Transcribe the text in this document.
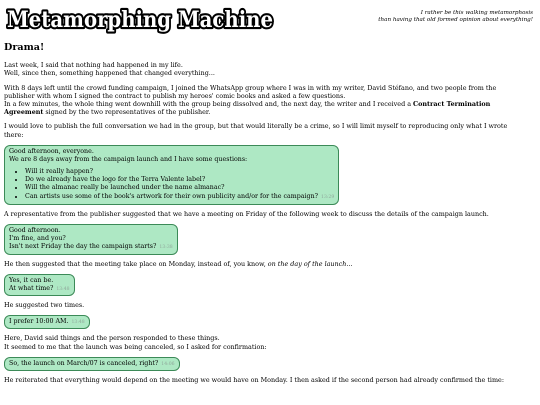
Metamorphing Machine	I rather be this walking metamorphosis
than having that old formed opinion about everything!
Drama!

Last week, I said that nothing had happened in my life.
Well, since then, something happened that changed everything...

With 8 days left until the crowd funding campaign, I joined the WhatsApp group where I was in with my writer, David Stéfano, and two people from the publisher with whom I signed the contract to publish my heroes' comic books and asked a few questions.
In a few minutes, the whole thing went downhill with the group being dissolved and, the next day, the writer and I received a Contract Termination Agreement signed by the two representatives of the publisher.

I would love to publish the full conversation we had in the group, but that would literally be a crime, so I will limit myself to reproducing only what I wrote there:

Good afternoon, everyone.
We are 8 days away from the campaign launch and I have some questions:
• Will it really happen?
• Do we already have the logo for the Terra Valente label?
• Will the almanac really be launched under the name almanac?
• Can artists use some of the book's artwork for their own publicity and/or for the campaign? 13:29

A representative from the publisher suggested that we have a meeting on Friday of the following week to discuss the details of the campaign launch.

Good afternoon.
I'm fine, and you?
Isn't next Friday the day the campaign starts? 13:38

He then suggested that the meeting take place on Monday, instead of, you know, on the day of the launch...

Yes, it can be.
At what time? 13:48

He suggested two times.

I prefer 10:00 AM. 13:48

Here, David said things and the person responded to these things.
It seemed to me that the launch was being canceled, so I asked for confirmation:

So, the launch on March/07 is canceled, right? 14:06

He reiterated that everything would depend on the meeting we would have on Monday. I then asked if the second person had already confirmed the time:
